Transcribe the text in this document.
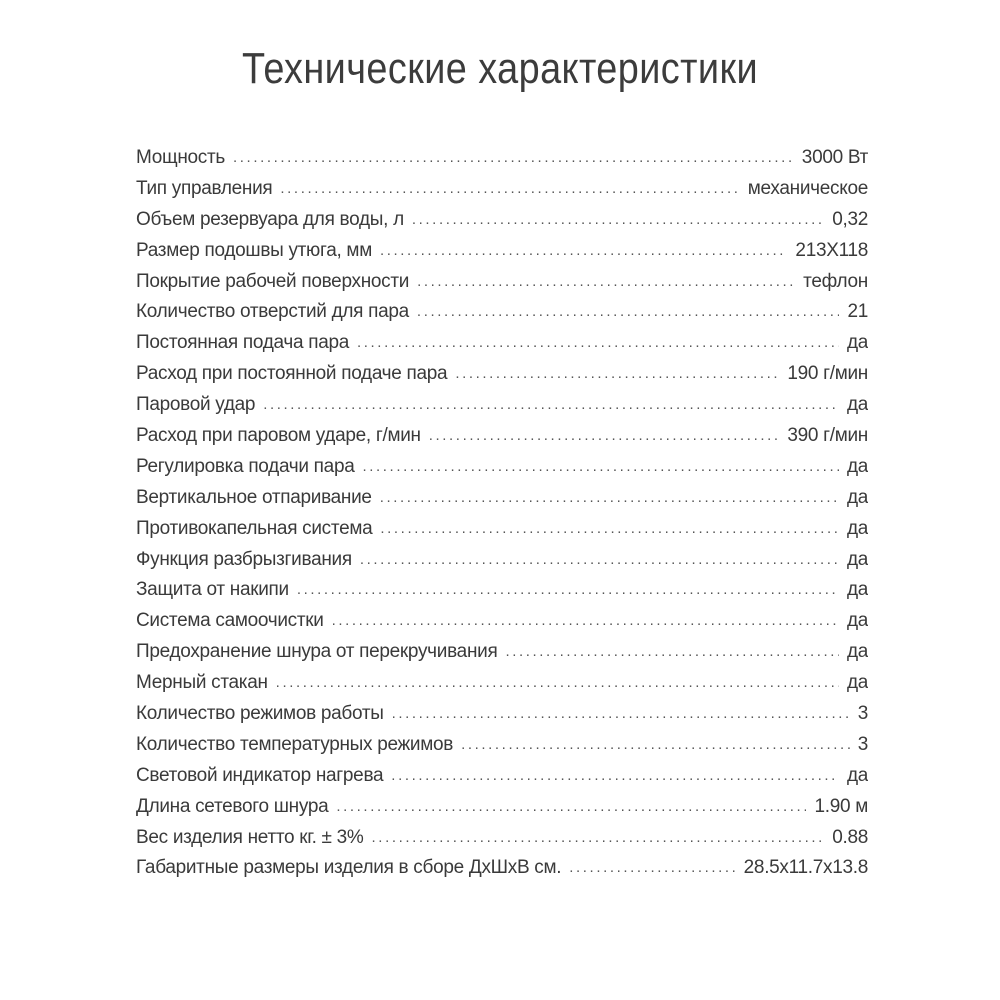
Технические характеристики
Мощность .....	3000 Вт
Тип управления .....	механическое
Объем резервуара для воды, л .....	0,32
Размер подошвы утюга, мм .....	213Х118
Покрытие рабочей поверхности .....	тефлон
Количество отверстий для пара .....	21
Постоянная подача пара .....	да
Расход при постоянной подаче пара .....	190 г/мин
Паровой удар .....	да
Расход при паровом ударе, г/мин .....	390 г/мин
Регулировка подачи пара .....	да
Вертикальное отпаривание .....	да
Противокапельная система .....	да
Функция разбрызгивания .....	да
Защита от накипи .....	да
Система самоочистки .....	да
Предохранение шнура от перекручивания .....	да
Мерный стакан .....	да
Количество режимов работы .....	3
Количество температурных режимов .....	3
Световой индикатор нагрева .....	да
Длина сетевого шнура .....	1.90 м
Вес изделия нетто кг. ± 3% .....	0.88
Габаритные размеры изделия в сборе ДхШхВ см. .....	28.5х11.7х13.8
